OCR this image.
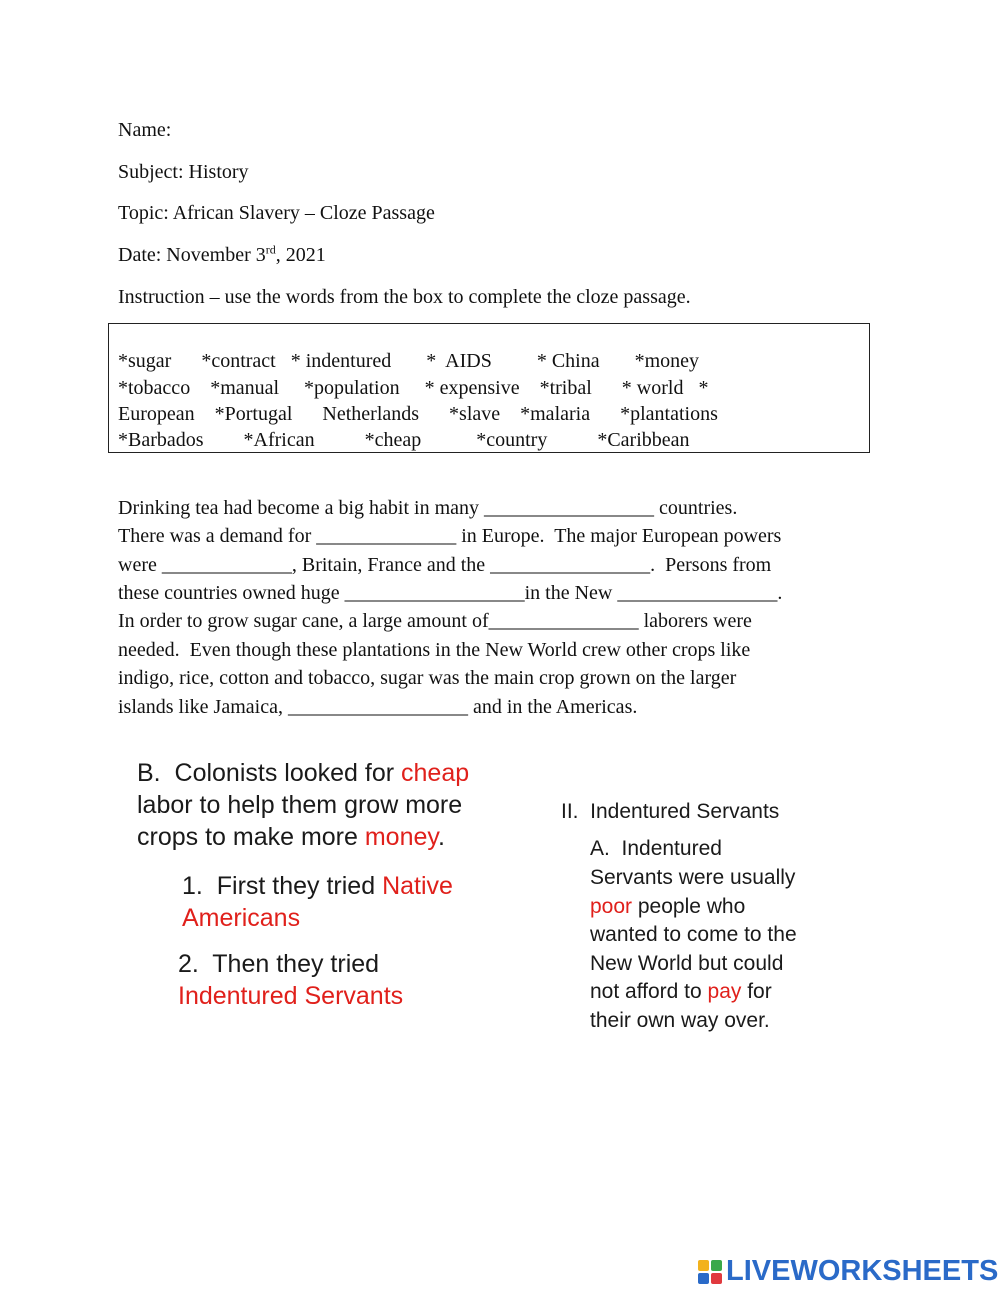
Name:
Subject: History
Topic: African Slavery – Cloze Passage
Date: November 3rd, 2021
Instruction – use the words from the box to complete the cloze passage.
*sugar      *contract   * indentured       *  AIDS         * China       *money
*tobacco    *manual     *population     * expensive    *tribal      * world   *
European    *Portugal      Netherlands      *slave    *malaria      *plantations
*Barbados        *African          *cheap           *country          *Caribbean
Drinking tea had become a big habit in many _________________ countries.
There was a demand for ______________ in Europe.  The major European powers
were _____________, Britain, France and the ________________.  Persons from
these countries owned huge __________________in the New ________________.
In order to grow sugar cane, a large amount of_______________ laborers were
needed.  Even though these plantations in the New World crew other crops like
indigo, rice, cotton and tobacco, sugar was the main crop grown on the larger
islands like Jamaica, __________________ and in the Americas.
B.  Colonists looked for cheap
labor to help them grow more
crops to make more money.
1.  First they tried Native
Americans
2.  Then they tried
Indentured Servants
II.  Indentured Servants
A.  Indentured
Servants were usually
poor people who
wanted to come to the
New World but could
not afford to pay for
their own way over.
LIVEWORKSHEETS
